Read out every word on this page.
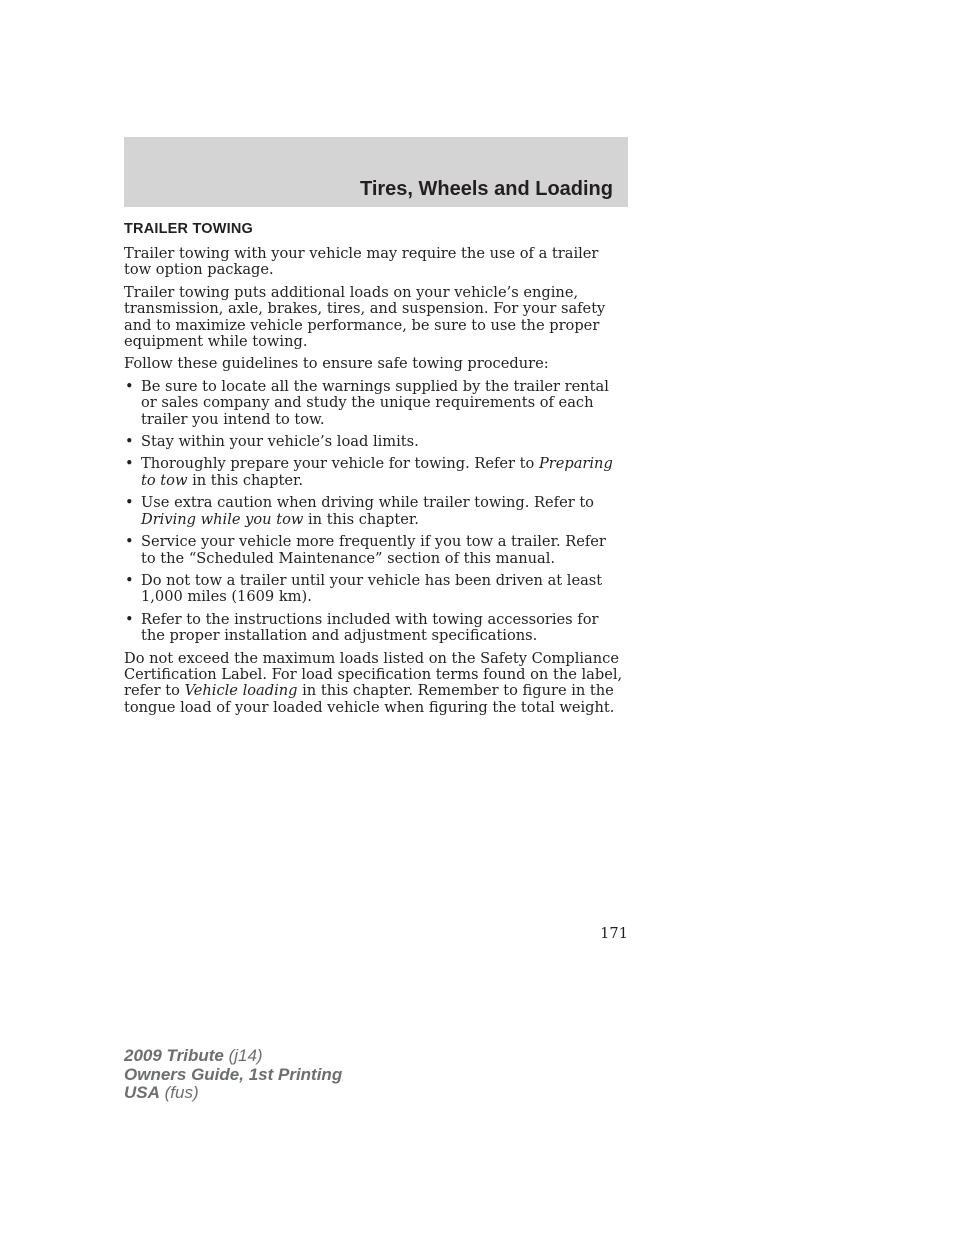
Tires, Wheels and Loading
TRAILER TOWING

Trailer towing with your vehicle may require the use of a trailer tow option package.

Trailer towing puts additional loads on your vehicle’s engine, transmission, axle, brakes, tires, and suspension. For your safety and to maximize vehicle performance, be sure to use the proper equipment while towing.

Follow these guidelines to ensure safe towing procedure:

• Be sure to locate all the warnings supplied by the trailer rental or sales company and study the unique requirements of each trailer you intend to tow.
• Stay within your vehicle’s load limits.
• Thoroughly prepare your vehicle for towing. Refer to Preparing to tow in this chapter.
• Use extra caution when driving while trailer towing. Refer to Driving while you tow in this chapter.
• Service your vehicle more frequently if you tow a trailer. Refer to the “Scheduled Maintenance” section of this manual.
• Do not tow a trailer until your vehicle has been driven at least 1,000 miles (1609 km).
• Refer to the instructions included with towing accessories for the proper installation and adjustment specifications.

Do not exceed the maximum loads listed on the Safety Compliance Certification Label. For load specification terms found on the label, refer to Vehicle loading in this chapter. Remember to figure in the tongue load of your loaded vehicle when figuring the total weight.

171
2009 Tribute (j14)
Owners Guide, 1st Printing
USA (fus)
